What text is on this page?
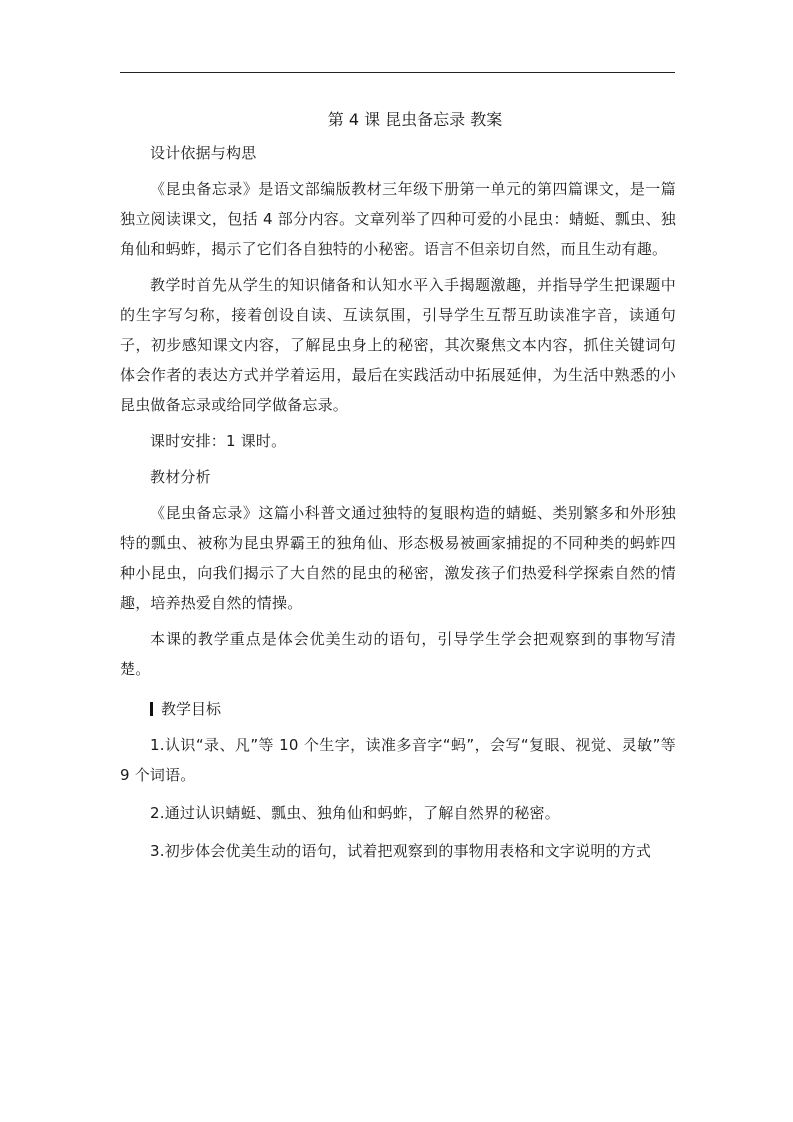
第 4 课 昆虫备忘录 教案

设计依据与构思

《昆虫备忘录》是语文部编版教材三年级下册第一单元的第四篇课文，是一篇独立阅读课文，包括 4 部分内容。文章列举了四种可爱的小昆虫：蜻蜓、瓢虫、独角仙和蚂蚱，揭示了它们各自独特的小秘密。语言不但亲切自然，而且生动有趣。

教学时首先从学生的知识储备和认知水平入手揭题激趣，并指导学生把课题中的生字写匀称，接着创设自读、互读氛围，引导学生互帮互助读准字音，读通句子，初步感知课文内容，了解昆虫身上的秘密，其次聚焦文本内容，抓住关键词句体会作者的表达方式并学着运用，最后在实践活动中拓展延伸，为生活中熟悉的小昆虫做备忘录或给同学做备忘录。

课时安排：1 课时。

教材分析

《昆虫备忘录》这篇小科普文通过独特的复眼构造的蜻蜓、类别繁多和外形独特的瓢虫、被称为昆虫界霸王的独角仙、形态极易被画家捕捉的不同种类的蚂蚱四种小昆虫，向我们揭示了大自然的昆虫的秘密，激发孩子们热爱科学探索自然的情趣，培养热爱自然的情操。

本课的教学重点是体会优美生动的语句，引导学生学会把观察到的事物写清楚。

教学目标

1.认识“录、凡”等 10 个生字，读准多音字“蚂”，会写“复眼、视觉、灵敏”等 9 个词语。

2.通过认识蜻蜓、瓢虫、独角仙和蚂蚱，了解自然界的秘密。

3.初步体会优美生动的语句，试着把观察到的事物用表格和文字说明的方式
